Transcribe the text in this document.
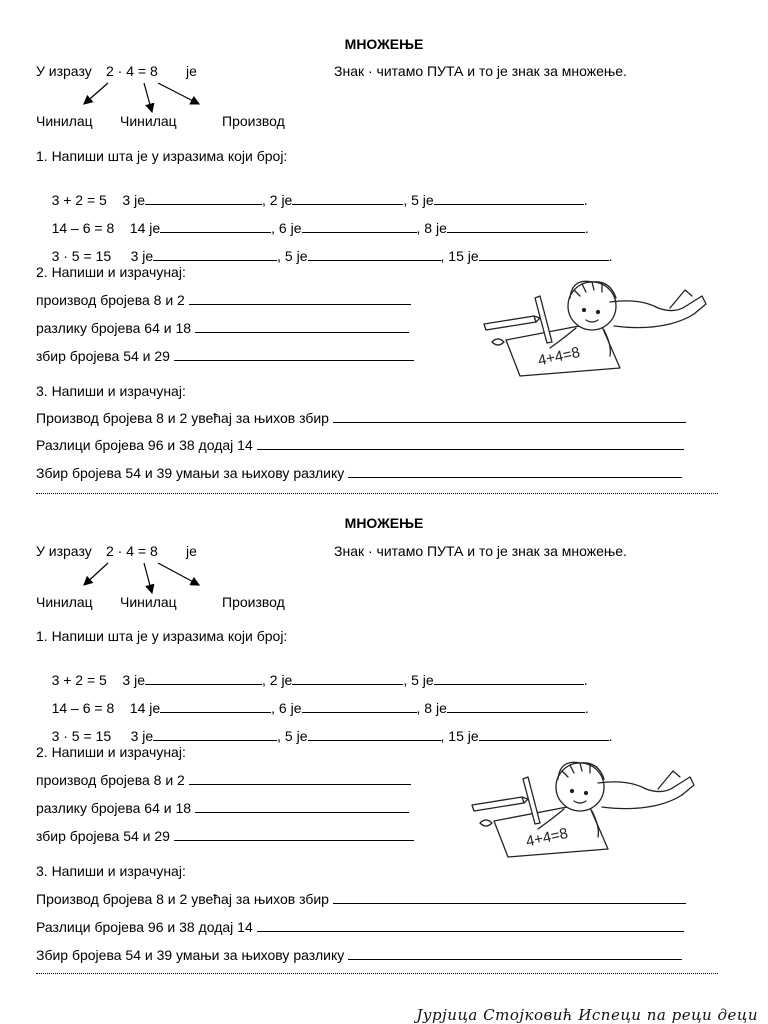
МНОЖЕЊЕ
У изразу 2 · 4 = 8 је	Знак · читамо ПУТА и то је знак за множење.
Чинилац Чинилац	Производ
1. Напиши шта је у изразима који број:

3 + 2 = 5 3 је	, 2 је	, 5 је	.

14 – 6 = 8 14 је	, 6 је	, 8 је	.

3 · 5 = 15 3 је	, 5 је	, 15 је	.

2. Напиши и израчунај:
производ бројева 8 и 2
разлику бројева 64 и 18
збир бројева 54 и 29	4+4=8
3. Напиши и израчунај:
Производ бројева 8 и 2 увећај за њихов збир
Разлици бројева 96 и 38 додај 14
Збир бројева 54 и 39 умањи за њихову разлику
МНОЖЕЊЕ
У изразу 2 · 4 = 8 је	Знак · читамо ПУТА и то је знак за множење.
Чинилац Чинилац	Производ
1. Напиши шта је у изразима који број:

3 + 2 = 5 3 је	, 2 је	, 5 је	.

14 – 6 = 8 14 је	, 6 је	, 8 је	.

3 · 5 = 15 3 је	, 5 је	, 15 је	.

2. Напиши и израчунај:
производ бројева 8 и 2
разлику бројева 64 и 18
збир бројева 54 и 29	4+4=8
3. Напиши и израчунај:
Производ бројева 8 и 2 увећај за њихов збир
Разлици бројева 96 и 38 додај 14
Збир бројева 54 и 39 умањи за њихову разлику
Јурјица Стојковић Испеци па реци деци
